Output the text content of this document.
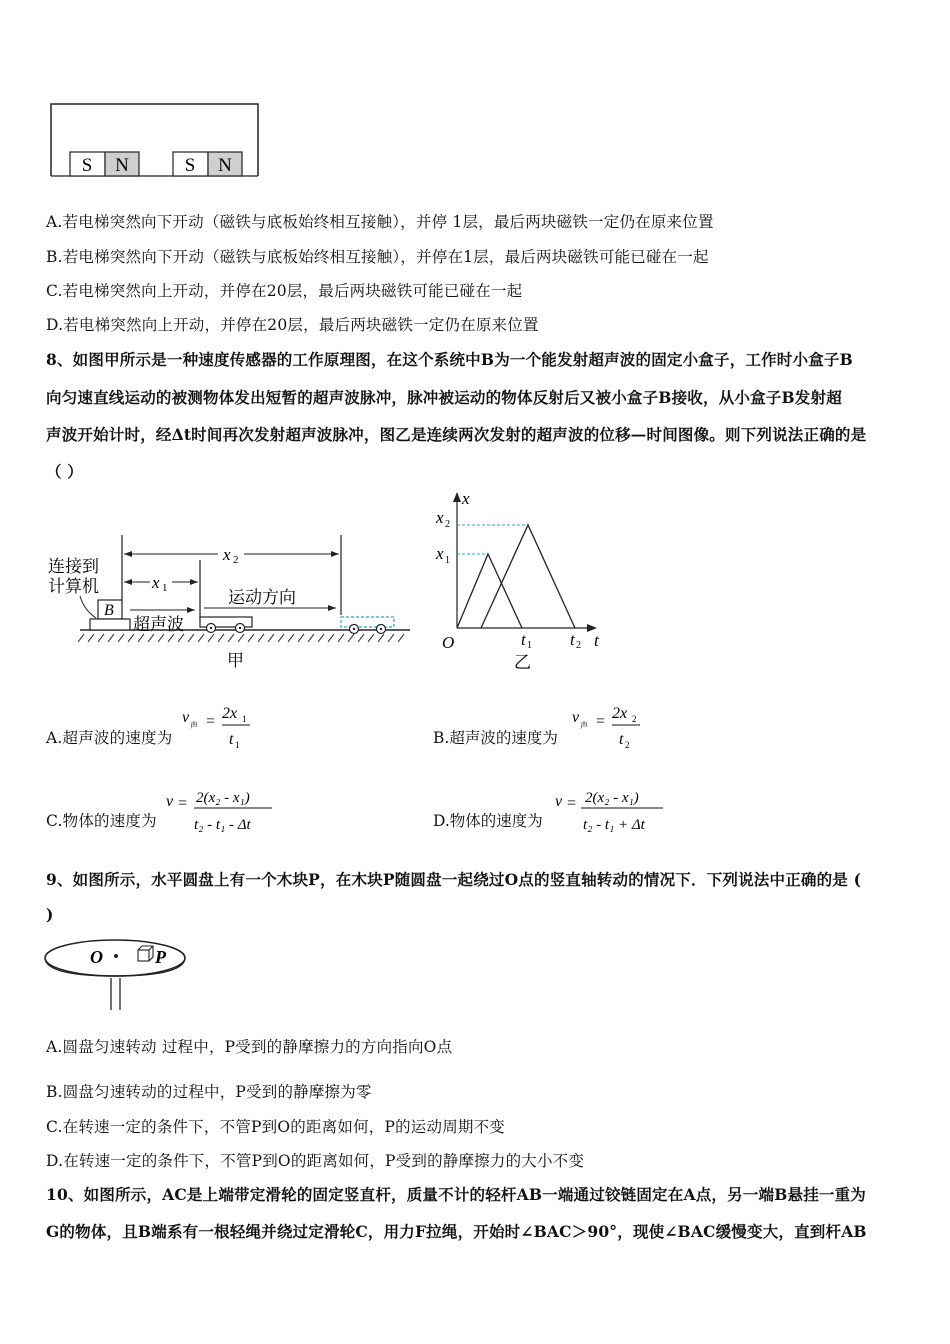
S N	S N
A.若电梯突然向下开动（磁铁与底板始终相互接触），并停 1层，最后两块磁铁一定仍在原来位置
B.若电梯突然向下开动（磁铁与底板始终相互接触），并停在1层，最后两块磁铁可能已碰在一起
C.若电梯突然向上开动，并停在20层，最后两块磁铁可能已碰在一起
D.若电梯突然向上开动，并停在20层，最后两块磁铁一定仍在原来位置
8、如图甲所示是一种速度传感器的工作原理图，在这个系统中B为一个能发射超声波的固定小盒子，工作时小盒子B
向匀速直线运动的被测物体发出短暂的超声波脉冲，脉冲被运动的物体反射后又被小盒子B接收，从小盒子B发射超
声波开始计时，经Δt时间再次发射超声波脉冲，图乙是连续两次发射的超声波的位移—时间图像。则下列说法正确的是
（ ）
x 2
x 1
连接到
计算机
B
超声波
运动方向
甲
x
t
O
x 2
x 1
t 1 t 2
乙
A.超声波的速度为
v 声 = 2x 1
t 1	B.超声波的速度为
v 声 = 2x 2
t 2
C.物体的速度为
v = 2(x₂ - x₁)
t₂ - t₁ - Δt	D.物体的速度为
v = 2(x₂ - x₁)
t₂ - t₁ + Δt
9、如图所示，水平圆盘上有一个木块P，在木块P随圆盘一起绕过O点的竖直轴转动的情况下．下列说法中正确的是 (
)
O	P
A.圆盘匀速转动 过程中，P受到的静摩擦力的方向指向O点
B.圆盘匀速转动的过程中，P受到的静摩擦为零
C.在转速一定的条件下，不管P到O的距离如何，P的运动周期不变
D.在转速一定的条件下，不管P到O的距离如何，P受到的静摩擦力的大小不变
10、如图所示，AC是上端带定滑轮的固定竖直杆，质量不计的轻杆AB一端通过铰链固定在A点，另一端B悬挂一重为
G的物体，且B端系有一根轻绳并绕过定滑轮C，用力F拉绳，开始时∠BAC＞90°，现使∠BAC缓慢变大，直到杆AB
